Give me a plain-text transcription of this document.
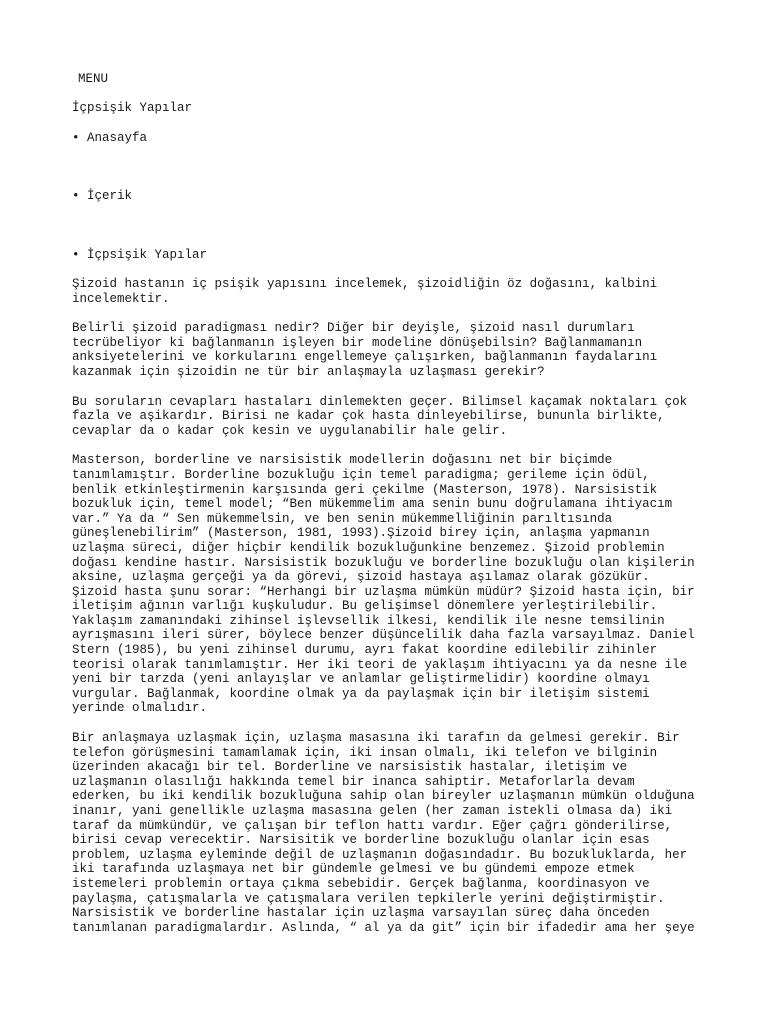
MENU
İçpsişik Yapılar
• Anasayfa
• İçerik
• İçpsişik Yapılar

Şizoid hastanın iç psişik yapısını incelemek, şizoidliğin öz doğasını, kalbini
incelemektir.

Belirli şizoid paradigması nedir? Diğer bir deyişle, şizoid nasıl durumları
tecrübeliyor ki bağlanmanın işleyen bir modeline dönüşebilsin? Bağlanmamanın
anksiyetelerini ve korkularını engellemeye çalışırken, bağlanmanın faydalarını
kazanmak için şizoidin ne tür bir anlaşmayla uzlaşması gerekir?

Bu soruların cevapları hastaları dinlemekten geçer. Bilimsel kaçamak noktaları çok
fazla ve aşikardır. Birisi ne kadar çok hasta dinleyebilirse, bununla birlikte,
cevaplar da o kadar çok kesin ve uygulanabilir hale gelir.

Masterson, borderline ve narsisistik modellerin doğasını net bir biçimde
tanımlamıştır. Borderline bozukluğu için temel paradigma; gerileme için ödül,
benlik etkinleştirmenin karşısında geri çekilme (Masterson, 1978). Narsisistik
bozukluk için, temel model; “Ben mükemmelim ama senin bunu doğrulamana ihtiyacım
var.” Ya da “ Sen mükemmelsin, ve ben senin mükemmelliğinin parıltısında
güneşlenebilirim” (Masterson, 1981, 1993).Şizoid birey için, anlaşma yapmanın
uzlaşma süreci, diğer hiçbir kendilik bozukluğunkine benzemez. Şizoid problemin
doğası kendine hastır. Narsisistik bozukluğu ve borderline bozukluğu olan kişilerin
aksine, uzlaşma gerçeği ya da görevi, şizoid hastaya aşılamaz olarak gözükür.
Şizoid hasta şunu sorar: “Herhangi bir uzlaşma mümkün müdür? Şizoid hasta için, bir
iletişim ağının varlığı kuşkuludur. Bu gelişimsel dönemlere yerleştirilebilir.
Yaklaşım zamanındaki zihinsel işlevsellik ilkesi, kendilik ile nesne temsilinin
ayrışmasını ileri sürer, böylece benzer düşüncelilik daha fazla varsayılmaz. Daniel
Stern (1985), bu yeni zihinsel durumu, ayrı fakat koordine edilebilir zihinler
teorisi olarak tanımlamıştır. Her iki teori de yaklaşım ihtiyacını ya da nesne ile
yeni bir tarzda (yeni anlayışlar ve anlamlar geliştirmelidir) koordine olmayı
vurgular. Bağlanmak, koordine olmak ya da paylaşmak için bir iletişim sistemi
yerinde olmalıdır.

Bir anlaşmaya uzlaşmak için, uzlaşma masasına iki tarafın da gelmesi gerekir. Bir
telefon görüşmesini tamamlamak için, iki insan olmalı, iki telefon ve bilginin
üzerinden akacağı bir tel. Borderline ve narsisistik hastalar, iletişim ve
uzlaşmanın olasılığı hakkında temel bir inanca sahiptir. Metaforlarla devam
ederken, bu iki kendilik bozukluğuna sahip olan bireyler uzlaşmanın mümkün olduğuna
inanır, yani genellikle uzlaşma masasına gelen (her zaman istekli olmasa da) iki
taraf da mümkündür, ve çalışan bir teflon hattı vardır. Eğer çağrı gönderilirse,
birisi cevap verecektir. Narsisitik ve borderline bozukluğu olanlar için esas
problem, uzlaşma eyleminde değil de uzlaşmanın doğasındadır. Bu bozukluklarda, her
iki tarafında uzlaşmaya net bir gündemle gelmesi ve bu gündemi empoze etmek
istemeleri problemin ortaya çıkma sebebidir. Gerçek bağlanma, koordinasyon ve
paylaşma, çatışmalarla ve çatışmalara verilen tepkilerle yerini değiştirmiştir.
Narsisistik ve borderline hastalar için uzlaşma varsayılan süreç daha önceden
tanımlanan paradigmalardır. Aslında, “ al ya da git” için bir ifadedir ama her şeye
